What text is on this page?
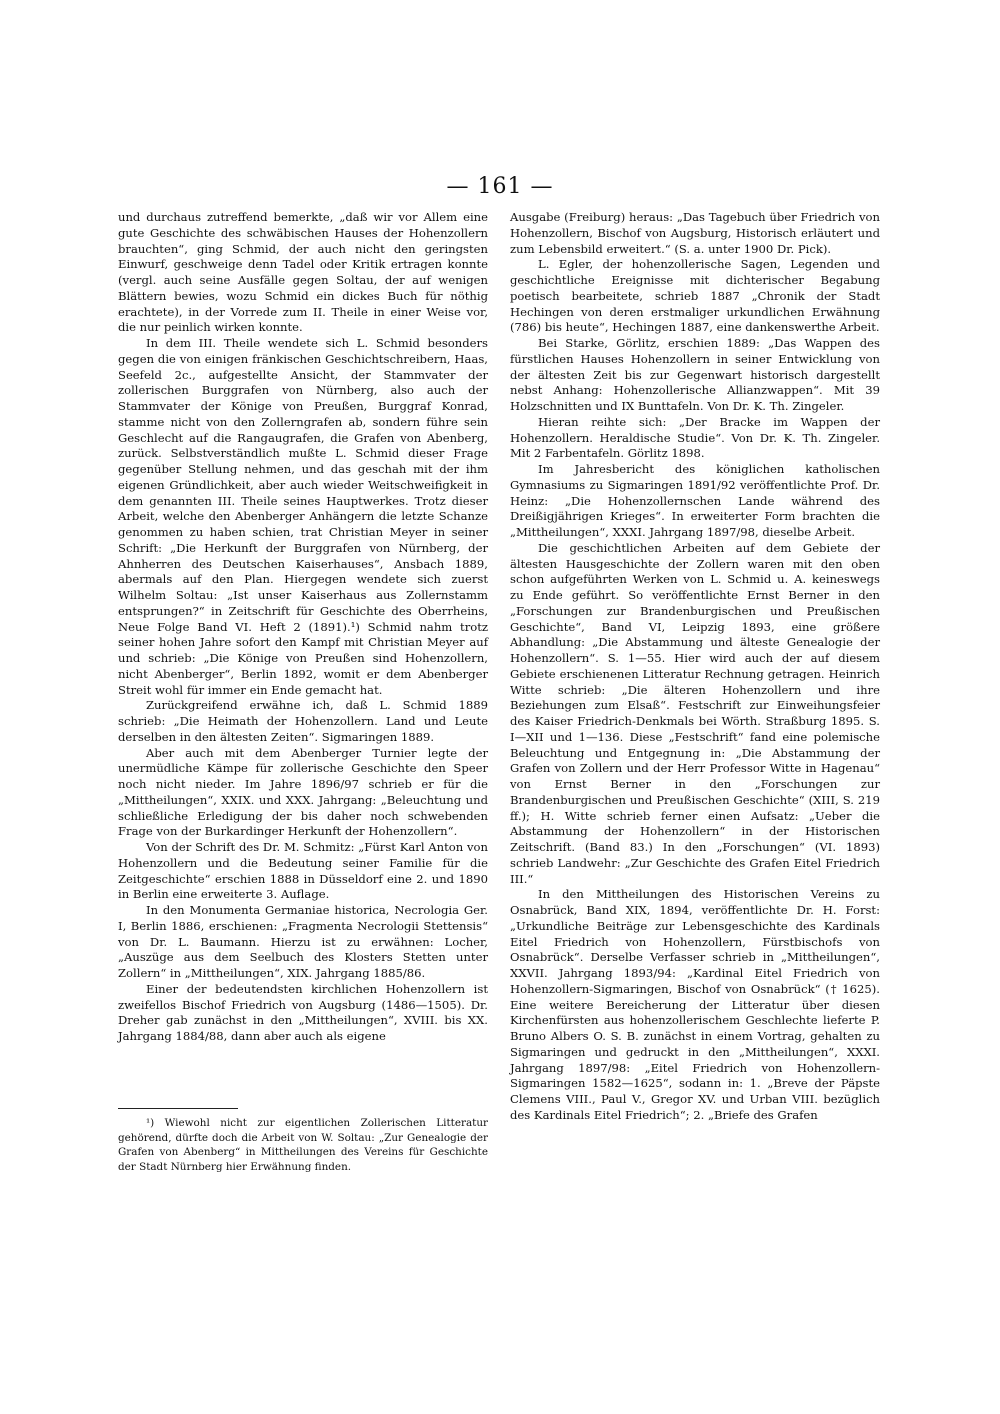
— 161 —

und durchaus zutreffend bemerkte, „daß wir vor Allem eine gute Geschichte des schwäbischen Hauses der Hohenzollern brauchten“, ging Schmid, der auch nicht den geringsten Einwurf, geschweige denn Tadel oder Kritik ertragen konnte (vergl. auch seine Ausfälle gegen Soltau, der auf wenigen Blättern bewies, wozu Schmid ein dickes Buch für nöthig erachtete), in der Vorrede zum II. Theile in einer Weise vor, die nur peinlich wirken konnte.

In dem III. Theile wendete sich L. Schmid besonders gegen die von einigen fränkischen Geschichtschreibern, Haas, Seefeld 2c., aufgestellte Ansicht, der Stammvater der zollerischen Burggrafen von Nürnberg, also auch der Stammvater der Könige von Preußen, Burggraf Konrad, stamme nicht von den Zollerngrafen ab, sondern führe sein Geschlecht auf die Rangaugrafen, die Grafen von Abenberg, zurück. Selbstverständlich mußte L. Schmid dieser Frage gegenüber Stellung nehmen, und das geschah mit der ihm eigenen Gründlichkeit, aber auch wieder Weitschweifigkeit in dem genannten III. Theile seines Hauptwerkes. Trotz dieser Arbeit, welche den Abenberger Anhängern die letzte Schanze genommen zu haben schien, trat Christian Meyer in seiner Schrift: „Die Herkunft der Burggrafen von Nürnberg, der Ahnherren des Deutschen Kaiserhauses“, Ansbach 1889, abermals auf den Plan. Hiergegen wendete sich zuerst Wilhelm Soltau: „Ist unser Kaiserhaus aus Zollernstamm entsprungen?“ in Zeitschrift für Geschichte des Oberrheins, Neue Folge Band VI. Heft 2 (1891).¹) Schmid nahm trotz seiner hohen Jahre sofort den Kampf mit Christian Meyer auf und schrieb: „Die Könige von Preußen sind Hohenzollern, nicht Abenberger“, Berlin 1892, womit er dem Abenberger Streit wohl für immer ein Ende gemacht hat.

Zurückgreifend erwähne ich, daß L. Schmid 1889 schrieb: „Die Heimath der Hohenzollern. Land und Leute derselben in den ältesten Zeiten“. Sigmaringen 1889.

Aber auch mit dem Abenberger Turnier legte der unermüdliche Kämpe für zollerische Geschichte den Speer noch nicht nieder. Im Jahre 1896/97 schrieb er für die „Mittheilungen“, XXIX. und XXX. Jahrgang: „Beleuchtung und schließliche Erledigung der bis daher noch schwebenden Frage von der Burkardinger Herkunft der Hohenzollern“.

Von der Schrift des Dr. M. Schmitz: „Fürst Karl Anton von Hohenzollern und die Bedeutung seiner Familie für die Zeitgeschichte“ erschien 1888 in Düsseldorf eine 2. und 1890 in Berlin eine erweiterte 3. Auflage.

In den Monumenta Germaniae historica, Necrologia Ger. I, Berlin 1886, erschienen: „Fragmenta Necrologii Stettensis“ von Dr. L. Baumann. Hierzu ist zu erwähnen: Locher, „Auszüge aus dem Seelbuch des Klosters Stetten unter Zollern“ in „Mittheilungen“, XIX. Jahrgang 1885/86.

Einer der bedeutendsten kirchlichen Hohenzollern ist zweifellos Bischof Friedrich von Augsburg (1486—1505). Dr. Dreher gab zunächst in den „Mittheilungen“, XVIII. bis XX. Jahrgang 1884/88, dann aber auch als eigene

¹) Wiewohl nicht zur eigentlichen Zollerischen Litteratur gehörend, dürfte doch die Arbeit von W. Soltau: „Zur Genealogie der Grafen von Abenberg“ in Mittheilungen des Vereins für Geschichte der Stadt Nürnberg hier Erwähnung finden.

Ausgabe (Freiburg) heraus: „Das Tagebuch über Friedrich von Hohenzollern, Bischof von Augsburg, Historisch erläutert und zum Lebensbild erweitert.“ (S. a. unter 1900 Dr. Pick).

L. Egler, der hohenzollerische Sagen, Legenden und geschichtliche Ereignisse mit dichterischer Begabung poetisch bearbeitete, schrieb 1887 „Chronik der Stadt Hechingen von deren erstmaliger urkundlichen Erwähnung (786) bis heute“, Hechingen 1887, eine dankenswerthe Arbeit.

Bei Starke, Görlitz, erschien 1889: „Das Wappen des fürstlichen Hauses Hohenzollern in seiner Entwicklung von der ältesten Zeit bis zur Gegenwart historisch dargestellt nebst Anhang: Hohenzollerische Allianzwappen“. Mit 39 Holzschnitten und IX Bunttafeln. Von Dr. K. Th. Zingeler.

Hieran reihte sich: „Der Bracke im Wappen der Hohenzollern. Heraldische Studie“. Von Dr. K. Th. Zingeler. Mit 2 Farbentafeln. Görlitz 1898.

Im Jahresbericht des königlichen katholischen Gymnasiums zu Sigmaringen 1891/92 veröffentlichte Prof. Dr. Heinz: „Die Hohenzollernschen Lande während des Dreißigjährigen Krieges“. In erweiterter Form brachten die „Mittheilungen“, XXXI. Jahrgang 1897/98, dieselbe Arbeit.

Die geschichtlichen Arbeiten auf dem Gebiete der ältesten Hausgeschichte der Zollern waren mit den oben schon aufgeführten Werken von L. Schmid u. A. keineswegs zu Ende geführt. So veröffentlichte Ernst Berner in den „Forschungen zur Brandenburgischen und Preußischen Geschichte“, Band VI, Leipzig 1893, eine größere Abhandlung: „Die Abstammung und älteste Genealogie der Hohenzollern“. S. 1—55. Hier wird auch der auf diesem Gebiete erschienenen Litteratur Rechnung getragen. Heinrich Witte schrieb: „Die älteren Hohenzollern und ihre Beziehungen zum Elsaß“. Festschrift zur Einweihungsfeier des Kaiser Friedrich-Denkmals bei Wörth. Straßburg 1895. S. I—XII und 1—136. Diese „Festschrift“ fand eine polemische Beleuchtung und Entgegnung in: „Die Abstammung der Grafen von Zollern und der Herr Professor Witte in Hagenau“ von Ernst Berner in den „Forschungen zur Brandenburgischen und Preußischen Geschichte“ (XIII, S. 219 ff.); H. Witte schrieb ferner einen Aufsatz: „Ueber die Abstammung der Hohenzollern“ in der Historischen Zeitschrift. (Band 83.) In den „Forschungen“ (VI. 1893) schrieb Landwehr: „Zur Geschichte des Grafen Eitel Friedrich III.“

In den Mittheilungen des Historischen Vereins zu Osnabrück, Band XIX, 1894, veröffentlichte Dr. H. Forst: „Urkundliche Beiträge zur Lebensgeschichte des Kardinals Eitel Friedrich von Hohenzollern, Fürstbischofs von Osnabrück“. Derselbe Verfasser schrieb in „Mittheilungen“, XXVII. Jahrgang 1893/94: „Kardinal Eitel Friedrich von Hohenzollern-Sigmaringen, Bischof von Osnabrück“ († 1625). Eine weitere Bereicherung der Litteratur über diesen Kirchenfürsten aus hohenzollerischem Geschlechte lieferte P. Bruno Albers O. S. B. zunächst in einem Vortrag, gehalten zu Sigmaringen und gedruckt in den „Mittheilungen“, XXXI. Jahrgang 1897/98: „Eitel Friedrich von Hohenzollern-Sigmaringen 1582—1625“, sodann in: 1. „Breve der Päpste Clemens VIII., Paul V., Gregor XV. und Urban VIII. bezüglich des Kardinals Eitel Friedrich“; 2. „Briefe des Grafen
